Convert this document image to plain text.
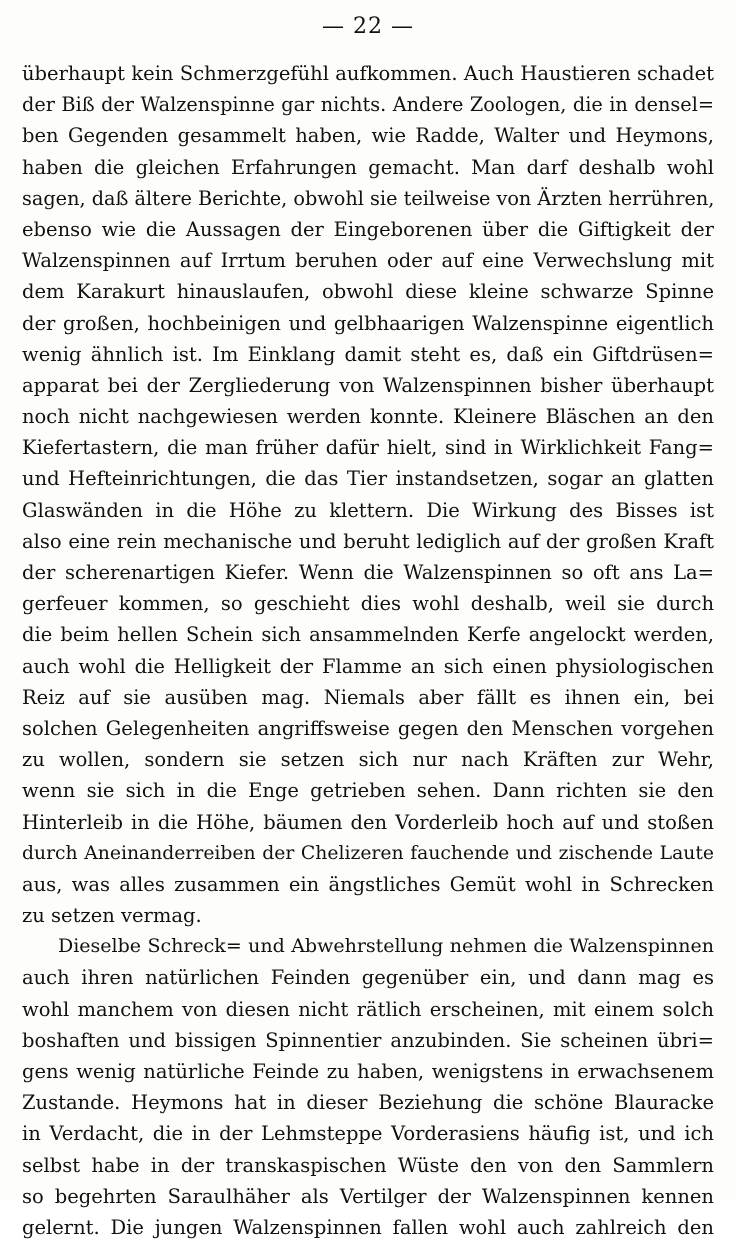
— 22 —
überhaupt kein Schmerzgefühl aufkommen. Auch Haustieren schadet
der Biß der Walzenspinne gar nichts. Andere Zoologen, die in densel=
ben Gegenden gesammelt haben, wie Radde, Walter und Heymons,
haben die gleichen Erfahrungen gemacht. Man darf deshalb wohl
sagen, daß ältere Berichte, obwohl sie teilweise von Ärzten herrühren,
ebenso wie die Aussagen der Eingeborenen über die Giftigkeit der
Walzenspinnen auf Irrtum beruhen oder auf eine Verwechslung mit
dem Karakurt hinauslaufen, obwohl diese kleine schwarze Spinne
der großen, hochbeinigen und gelbhaarigen Walzenspinne eigentlich
wenig ähnlich ist. Im Einklang damit steht es, daß ein Giftdrüsen=
apparat bei der Zergliederung von Walzenspinnen bisher überhaupt
noch nicht nachgewiesen werden konnte. Kleinere Bläschen an den
Kiefertastern, die man früher dafür hielt, sind in Wirklichkeit Fang=
und Hefteinrichtungen, die das Tier instandsetzen, sogar an glatten
Glaswänden in die Höhe zu klettern. Die Wirkung des Bisses ist
also eine rein mechanische und beruht lediglich auf der großen Kraft
der scherenartigen Kiefer. Wenn die Walzenspinnen so oft ans La=
gerfeuer kommen, so geschieht dies wohl deshalb, weil sie durch
die beim hellen Schein sich ansammelnden Kerfe angelockt werden,
auch wohl die Helligkeit der Flamme an sich einen physiologischen
Reiz auf sie ausüben mag. Niemals aber fällt es ihnen ein, bei
solchen Gelegenheiten angriffsweise gegen den Menschen vorgehen
zu wollen, sondern sie setzen sich nur nach Kräften zur Wehr,
wenn sie sich in die Enge getrieben sehen. Dann richten sie den
Hinterleib in die Höhe, bäumen den Vorderleib hoch auf und stoßen
durch Aneinanderreiben der Chelizeren fauchende und zischende Laute
aus, was alles zusammen ein ängstliches Gemüt wohl in Schrecken
zu setzen vermag.
Dieselbe Schreck= und Abwehrstellung nehmen die Walzenspinnen
auch ihren natürlichen Feinden gegenüber ein, und dann mag es
wohl manchem von diesen nicht rätlich erscheinen, mit einem solch
boshaften und bissigen Spinnentier anzubinden. Sie scheinen übri=
gens wenig natürliche Feinde zu haben, wenigstens in erwachsenem
Zustande. Heymons hat in dieser Beziehung die schöne Blauracke
in Verdacht, die in der Lehmsteppe Vorderasiens häufig ist, und ich
selbst habe in der transkaspischen Wüste den von den Sammlern
so begehrten Saraulhäher als Vertilger der Walzenspinnen kennen
gelernt. Die jungen Walzenspinnen fallen wohl auch zahlreich den
